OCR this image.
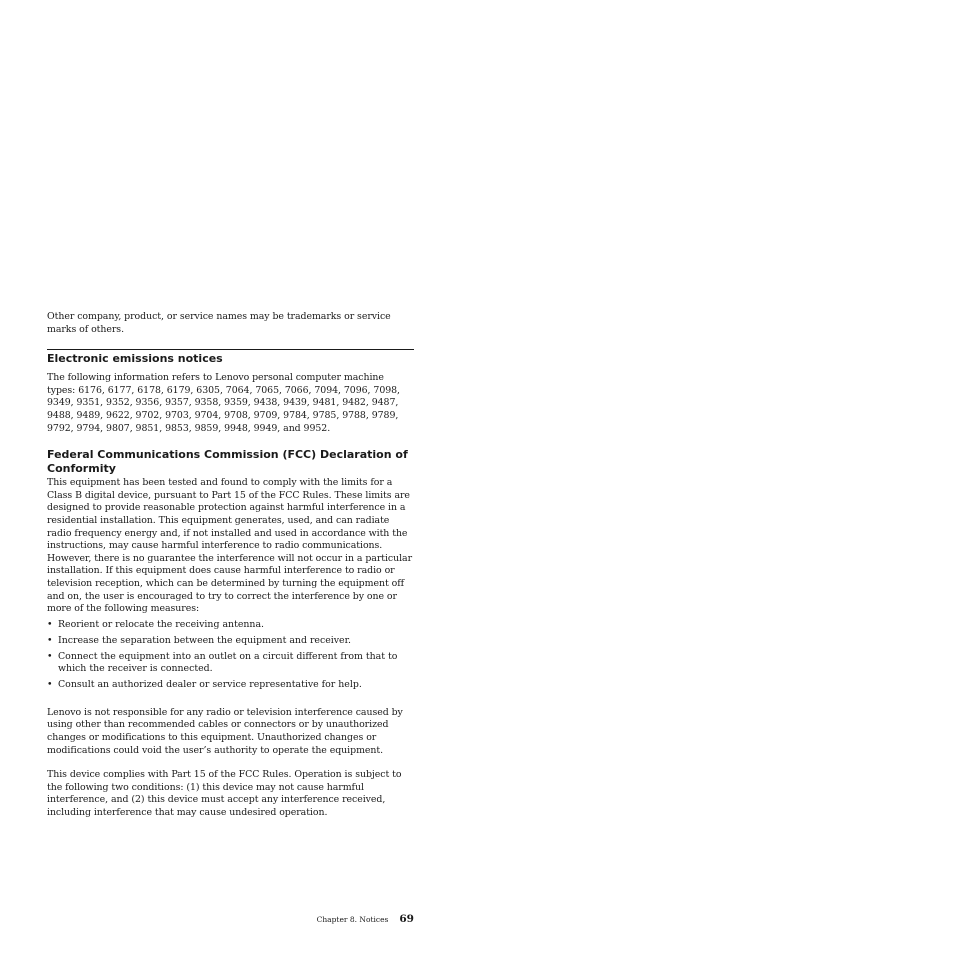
Other company, product, or service names may be trademarks or service marks of others.

Electronic emissions notices

The following information refers to Lenovo personal computer machine types: 6176, 6177, 6178, 6179, 6305, 7064, 7065, 7066, 7094, 7096, 7098, 9349, 9351, 9352, 9356, 9357, 9358, 9359, 9438, 9439, 9481, 9482, 9487, 9488, 9489, 9622, 9702, 9703, 9704, 9708, 9709, 9784, 9785, 9788, 9789, 9792, 9794, 9807, 9851, 9853, 9859, 9948, 9949, and 9952.

Federal Communications Commission (FCC) Declaration of Conformity

This equipment has been tested and found to comply with the limits for a Class B digital device, pursuant to Part 15 of the FCC Rules. These limits are designed to provide reasonable protection against harmful interference in a residential installation. This equipment generates, used, and can radiate radio frequency energy and, if not installed and used in accordance with the instructions, may cause harmful interference to radio communications. However, there is no guarantee the interference will not occur in a particular installation. If this equipment does cause harmful interference to radio or television reception, which can be determined by turning the equipment off and on, the user is encouraged to try to correct the interference by one or more of the following measures:

• Reorient or relocate the receiving antenna.
• Increase the separation between the equipment and receiver.
• Connect the equipment into an outlet on a circuit different from that to which the receiver is connected.
• Consult an authorized dealer or service representative for help.

Lenovo is not responsible for any radio or television interference caused by using other than recommended cables or connectors or by unauthorized changes or modifications to this equipment. Unauthorized changes or modifications could void the user’s authority to operate the equipment.

This device complies with Part 15 of the FCC Rules. Operation is subject to the following two conditions: (1) this device may not cause harmful interference, and (2) this device must accept any interference received, including interference that may cause undesired operation.

Chapter 8. Notices 69
